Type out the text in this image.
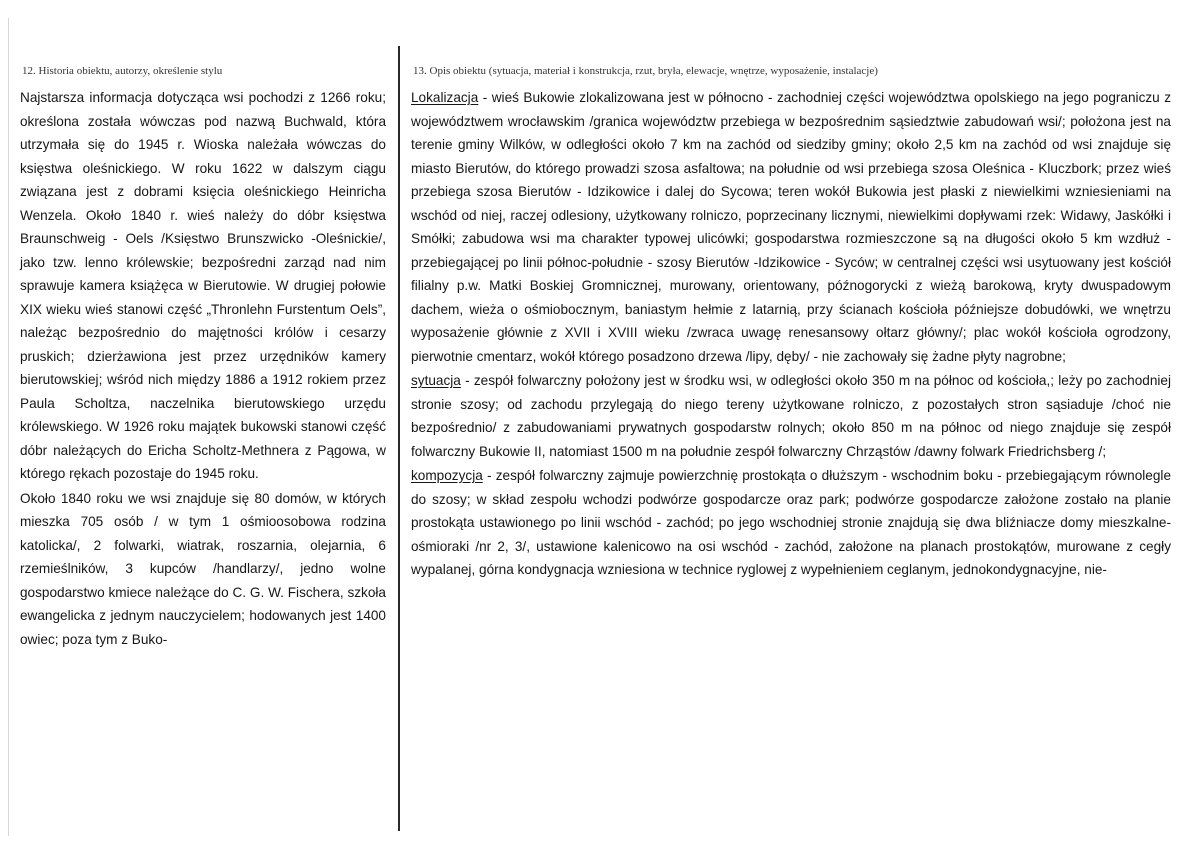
12. Historia obiektu, autorzy, określenie stylu	13. Opis obiektu (sytuacja, materiał i konstrukcja, rzut, bryła, elewacje, wnętrze, wyposażenie, instalacje)

Najstarsza informacja dotycząca wsi pochodzi z 1266 roku; określona została wówczas pod nazwą Buchwald, która utrzymała się do 1945 r. Wioska należała wówczas do księstwa oleśnickiego. W roku 1622 w dalszym ciągu związana jest z dobrami księcia oleśnickiego Heinricha Wenzela. Około 1840 r. wieś należy do dóbr księstwa Braunschweig - Oels /Księstwo Brunszwicko -Oleśnickie/, jako tzw. lenno królewskie; bezpośredni zarząd nad nim sprawuje kamera książęca w Bierutowie. W drugiej połowie XIX wieku wieś stanowi część „Thronlehn Furstentum Oels”, należąc bezpośrednio do majętności królów i cesarzy pruskich; dzierżawiona jest przez urzędników kamery bierutowskiej; wśród nich między 1886 a 1912 rokiem przez Paula Scholtza, naczelnika bierutowskiego urzędu królewskiego. W 1926 roku majątek bukowski stanowi część dóbr należących do Ericha Scholtz-Methnera z Pągowa, w którego rękach pozostaje do 1945 roku.

Około 1840 roku we wsi znajduje się 80 domów, w których mieszka 705 osób / w tym 1 ośmioosobowa rodzina katolicka/, 2 folwarki, wiatrak, roszarnia, olejarnia, 6 rzemieślników, 3 kupców /handlarzy/, jedno wolne gospodarstwo kmiece należące do C. G. W. Fischera, szkoła ewangelicka z jednym nauczycielem; hodowanych jest 1400 owiec; poza tym z Buko-

Lokalizacja - wieś Bukowie zlokalizowana jest w północno - zachodniej części województwa opolskiego na jego pograniczu z województwem wrocławskim /granica województw przebiega w bezpośrednim sąsiedztwie zabudowań wsi/; położona jest na terenie gminy Wilków, w odległości około 7 km na zachód od siedziby gminy; około 2,5 km na zachód od wsi znajduje się miasto Bierutów, do którego prowadzi szosa asfaltowa; na południe od wsi przebiega szosa Oleśnica - Kluczbork; przez wieś przebiega szosa Bierutów - Idzikowice i dalej do Sycowa; teren wokół Bukowia jest płaski z niewielkimi wzniesieniami na wschód od niej, raczej odlesiony, użytkowany rolniczo, poprzecinany licznymi, niewielkimi dopływami rzek: Widawy, Jaskółki i Smółki; zabudowa wsi ma charakter typowej ulicówki; gospodarstwa rozmieszczone są na długości około 5 km wzdłuż -przebiegającej po linii północ-południe - szosy Bierutów -Idzikowice - Syców; w centralnej części wsi usytuowany jest kościół filialny p.w. Matki Boskiej Gromnicznej, murowany, orientowany, późnogorycki z wieżą barokową, kryty dwuspadowym dachem, wieża o ośmiobocznym, baniastym hełmie z latarnią, przy ścianach kościoła późniejsze dobudówki, we wnętrzu wyposażenie głównie z XVII i XVIII wieku /zwraca uwagę renesansowy ołtarz główny/; plac wokół kościoła ogrodzony, pierwotnie cmentarz, wokół którego posadzono drzewa /lipy, dęby/ - nie zachowały się żadne płyty nagrobne;

sytuacja - zespół folwarczny położony jest w środku wsi, w odległości około 350 m na północ od kościoła,; leży po zachodniej stronie szosy; od zachodu przylegają do niego tereny użytkowane rolniczo, z pozostałych stron sąsiaduje /choć nie bezpośrednio/ z zabudowaniami prywatnych gospodarstw rolnych; około 850 m na północ od niego znajduje się zespół folwarczny Bukowie II, natomiast 1500 m na południe zespół folwarczny Chrząstów /dawny folwark Friedrichsberg /;

kompozycja - zespół folwarczny zajmuje powierzchnię prostokąta o dłuższym - wschodnim boku - przebiegającym równolegle do szosy; w skład zespołu wchodzi podwórze gospodarcze oraz park; podwórze gospodarcze założone zostało na planie prostokąta ustawionego po linii wschód - zachód; po jego wschodniej stronie znajdują się dwa bliźniacze domy mieszkalne-ośmioraki /nr 2, 3/, ustawione kalenicowo na osi wschód - zachód, założone na planach prostokątów, murowane z cegły wypalanej, górna kondygnacja wzniesiona w technice ryglowej z wypełnieniem ceglanym, jednokondygnacyjne, nie-
